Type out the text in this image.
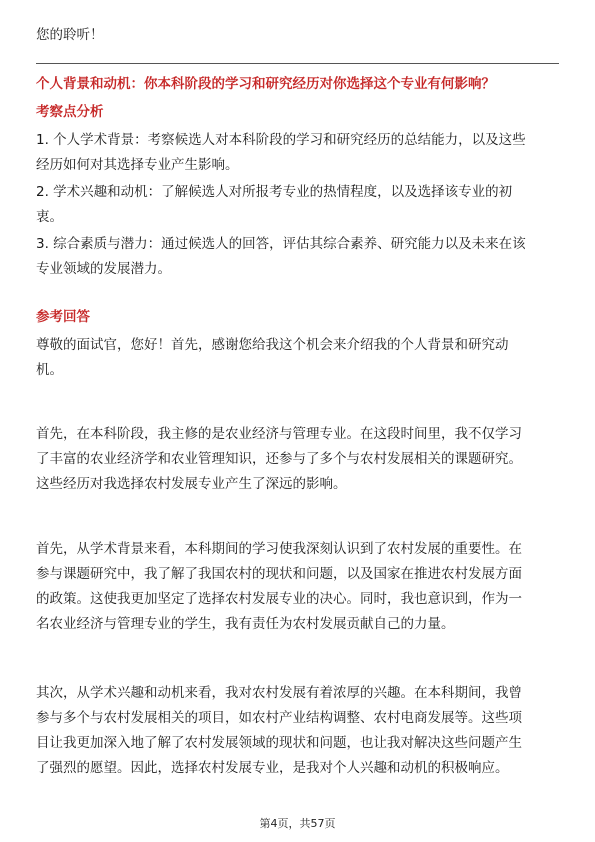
您的聆听！

个人背景和动机：你本科阶段的学习和研究经历对你选择这个专业有何影响？

考察点分析

1. 个人学术背景：考察候选人对本科阶段的学习和研究经历的总结能力，以及这些
经历如何对其选择专业产生影响。

2. 学术兴趣和动机：了解候选人对所报考专业的热情程度，以及选择该专业的初
衷。

3. 综合素质与潜力：通过候选人的回答，评估其综合素养、研究能力以及未来在该
专业领域的发展潜力。

参考回答

尊敬的面试官，您好！首先，感谢您给我这个机会来介绍我的个人背景和研究动
机。

首先，在本科阶段，我主修的是农业经济与管理专业。在这段时间里，我不仅学习
了丰富的农业经济学和农业管理知识，还参与了多个与农村发展相关的课题研究。
这些经历对我选择农村发展专业产生了深远的影响。

首先，从学术背景来看，本科期间的学习使我深刻认识到了农村发展的重要性。在
参与课题研究中，我了解了我国农村的现状和问题，以及国家在推进农村发展方面
的政策。这使我更加坚定了选择农村发展专业的决心。同时，我也意识到，作为一
名农业经济与管理专业的学生，我有责任为农村发展贡献自己的力量。

其次，从学术兴趣和动机来看，我对农村发展有着浓厚的兴趣。在本科期间，我曾
参与多个与农村发展相关的项目，如农村产业结构调整、农村电商发展等。这些项
目让我更加深入地了解了农村发展领域的现状和问题，也让我对解决这些问题产生
了强烈的愿望。因此，选择农村发展专业，是我对个人兴趣和动机的积极响应。

第4页，共57页
